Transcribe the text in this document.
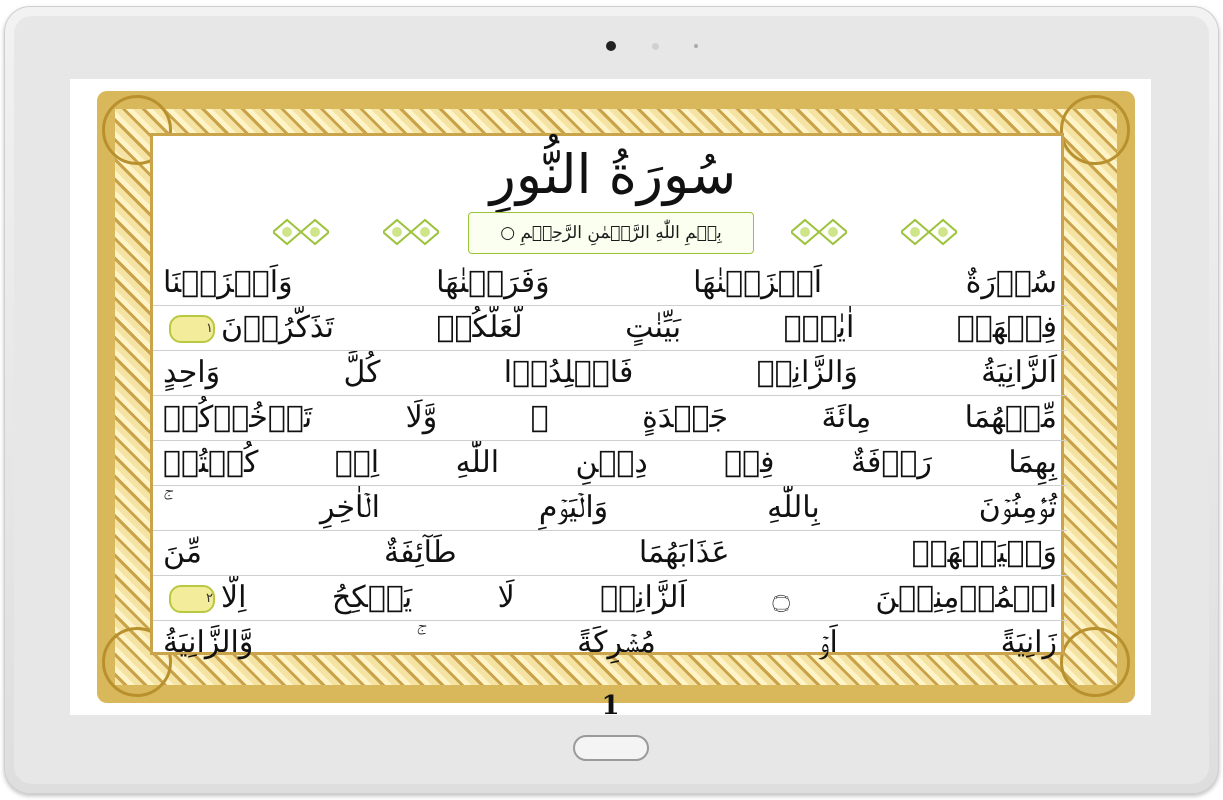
سُورَةُ النُّورِ
بِسۡمِ اللّٰهِ الرَّحۡمٰنِ الرَّحِيۡمِ ○
سُوۡرَةٌ اَنۡزَلۡنٰهَا وَفَرَضۡنٰهَا وَاَنۡزَلۡنَا
فِيۡهَاۤ اٰيٰتٍۭ بَيِّنٰتٍ لَّعَلَّكُمۡ تَذَكَّرُوۡنَ١
اَلزَّانِيَةُ وَالزَّانِىۡ فَاجۡلِدُوۡا كُلَّ وَاحِدٍ
مِّنۡهُمَا مِائَةَ جَلۡدَةٍ ۖ وَّلَا تَاۡخُذۡكُمۡ
بِهِمَا رَاۡفَةٌ فِىۡ دِيۡنِ اللّٰهِ اِنۡ كُنۡتُمۡ
تُؤۡمِنُوۡنَ بِاللّٰهِ وَالۡيَوۡمِ الۡاٰخِرِ ۚ
وَلۡيَشۡهَدۡ عَذَابَهُمَا طَآئِفَةٌ مِّنَ
الۡمُؤۡمِنِيۡنَ ۝ اَلزَّانِىۡ لَا يَنۡكِحُ اِلَّا٢
زَانِيَةً اَوۡ مُشۡرِكَةً ۚ وَّالزَّانِيَةُ
1
